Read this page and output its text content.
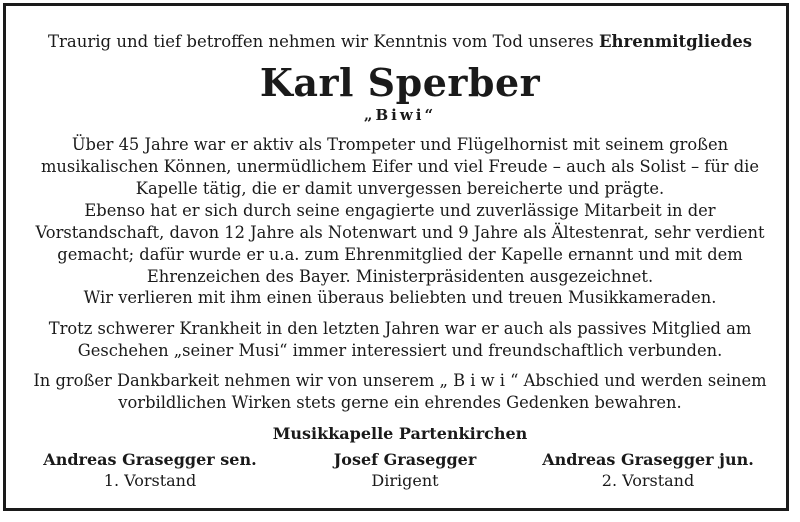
Traurig und tief betroffen nehmen wir Kenntnis vom Tod unseres Ehrenmitgliedes
Karl Sperber
„Biwi“
Über 45 Jahre war er aktiv als Trompeter und Flügelhornist mit seinem großen musikalischen Können, unermüdlichem Eifer und viel Freude – auch als Solist – für die Kapelle tätig, die er damit unvergessen bereicherte und prägte.
Ebenso hat er sich durch seine engagierte und zuverlässige Mitarbeit in der Vorstandschaft, davon 12 Jahre als Notenwart und 9 Jahre als Ältestenrat, sehr verdient gemacht; dafür wurde er u.a. zum Ehrenmitglied der Kapelle ernannt und mit dem Ehrenzeichen des Bayer. Ministerpräsidenten ausgezeichnet.
Wir verlieren mit ihm einen überaus beliebten und treuen Musikkameraden.
Trotz schwerer Krankheit in den letzten Jahren war er auch als passives Mitglied am Geschehen „seiner Musi“ immer interessiert und freundschaftlich verbunden.
In großer Dankbarkeit nehmen wir von unserem „ B i w i “ Abschied und werden seinem vorbildlichen Wirken stets gerne ein ehrendes Gedenken bewahren.
Musikkapelle Partenkirchen
Andreas Grasegger sen.
1. Vorstand
Josef Grasegger
Dirigent
Andreas Grasegger jun.
2. Vorstand
